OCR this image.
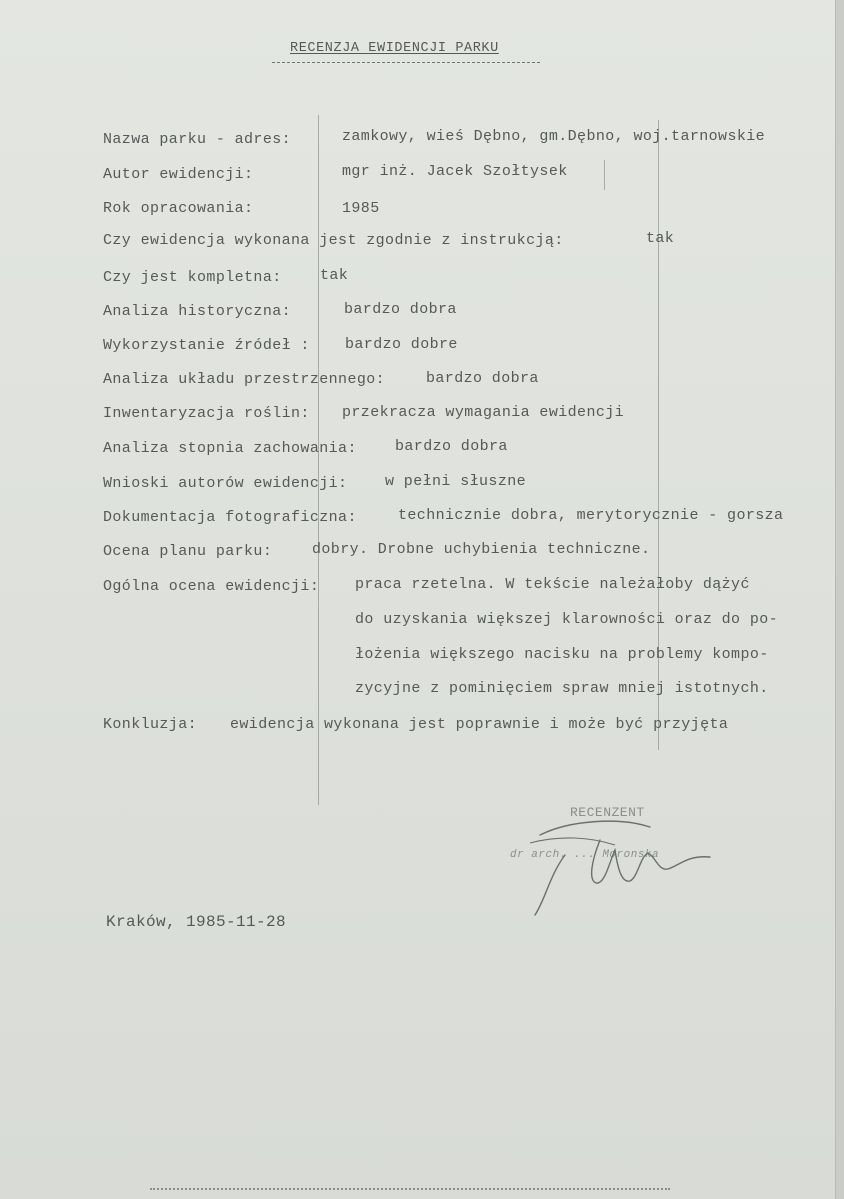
RECENZJA EWIDENCJI PARKU
Nazwa parku - adres:	zamkowy, wieś Dębno, gm.Dębno, woj.tarnowskie
Autor ewidencji:	mgr inż. Jacek Szołtysek
Rok opracowania:	1985
Czy ewidencja wykonana jest zgodnie z instrukcją:	tak
Czy jest kompletna:	tak
Analiza historyczna:	bardzo dobra
Wykorzystanie źródeł : bardzo dobre
Analiza układu przestrzennego:	bardzo dobra
Inwentaryzacja roślin: przekracza wymagania ewidencji
Analiza stopnia zachowania:	bardzo dobra
Wnioski autorów ewidencji:	w pełni słuszne
Dokumentacja fotograficzna:	technicznie dobra, merytorycznie - gorsza
Ocena planu parku:	dobry. Drobne uchybienia techniczne.
Ogólna ocena ewidencji: praca rzetelna. W tekście należałoby dążyć
do uzyskania większej klarowności oraz do po-
łożenia większego nacisku na problemy kompo-
zycyjne z pominięciem spraw mniej istotnych.
Konkluzja: ewidencja wykonana jest poprawnie i może być przyjęta
RECENZENT
dr arch. ... Moronska
Kraków, 1985-11-28
